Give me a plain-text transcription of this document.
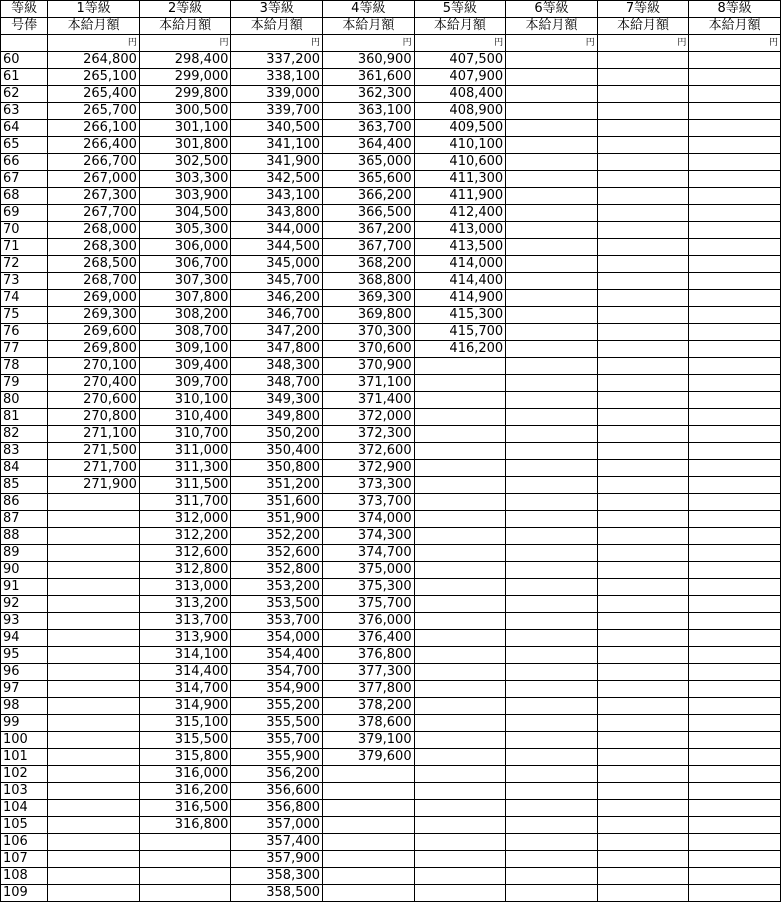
等級	1等級	2等級	3等級	4等級	5等級	6等級	7等級	8等級
号俸	本給月額	本給月額	本給月額	本給月額	本給月額	本給月額	本給月額	本給月額
	円	円	円	円	円	円	円	円
60	264,800	298,400	337,200	360,900	407,500			
61	265,100	299,000	338,100	361,600	407,900			
62	265,400	299,800	339,000	362,300	408,400			
63	265,700	300,500	339,700	363,100	408,900			
64	266,100	301,100	340,500	363,700	409,500			
65	266,400	301,800	341,100	364,400	410,100			
66	266,700	302,500	341,900	365,000	410,600			
67	267,000	303,300	342,500	365,600	411,300			
68	267,300	303,900	343,100	366,200	411,900			
69	267,700	304,500	343,800	366,500	412,400			
70	268,000	305,300	344,000	367,200	413,000			
71	268,300	306,000	344,500	367,700	413,500			
72	268,500	306,700	345,000	368,200	414,000			
73	268,700	307,300	345,700	368,800	414,400			
74	269,000	307,800	346,200	369,300	414,900			
75	269,300	308,200	346,700	369,800	415,300			
76	269,600	308,700	347,200	370,300	415,700			
77	269,800	309,100	347,800	370,600	416,200			
78	270,100	309,400	348,300	370,900				
79	270,400	309,700	348,700	371,100				
80	270,600	310,100	349,300	371,400				
81	270,800	310,400	349,800	372,000				
82	271,100	310,700	350,200	372,300				
83	271,500	311,000	350,400	372,600				
84	271,700	311,300	350,800	372,900				
85	271,900	311,500	351,200	373,300				
86		311,700	351,600	373,700				
87		312,000	351,900	374,000				
88		312,200	352,200	374,300				
89		312,600	352,600	374,700				
90		312,800	352,800	375,000				
91		313,000	353,200	375,300				
92		313,200	353,500	375,700				
93		313,700	353,700	376,000				
94		313,900	354,000	376,400				
95		314,100	354,400	376,800				
96		314,400	354,700	377,300				
97		314,700	354,900	377,800				
98		314,900	355,200	378,200				
99		315,100	355,500	378,600				
100		315,500	355,700	379,100				
101		315,800	355,900	379,600				
102		316,000	356,200					
103		316,200	356,600					
104		316,500	356,800					
105		316,800	357,000					
106			357,400					
107			357,900					
108			358,300					
109			358,500					
